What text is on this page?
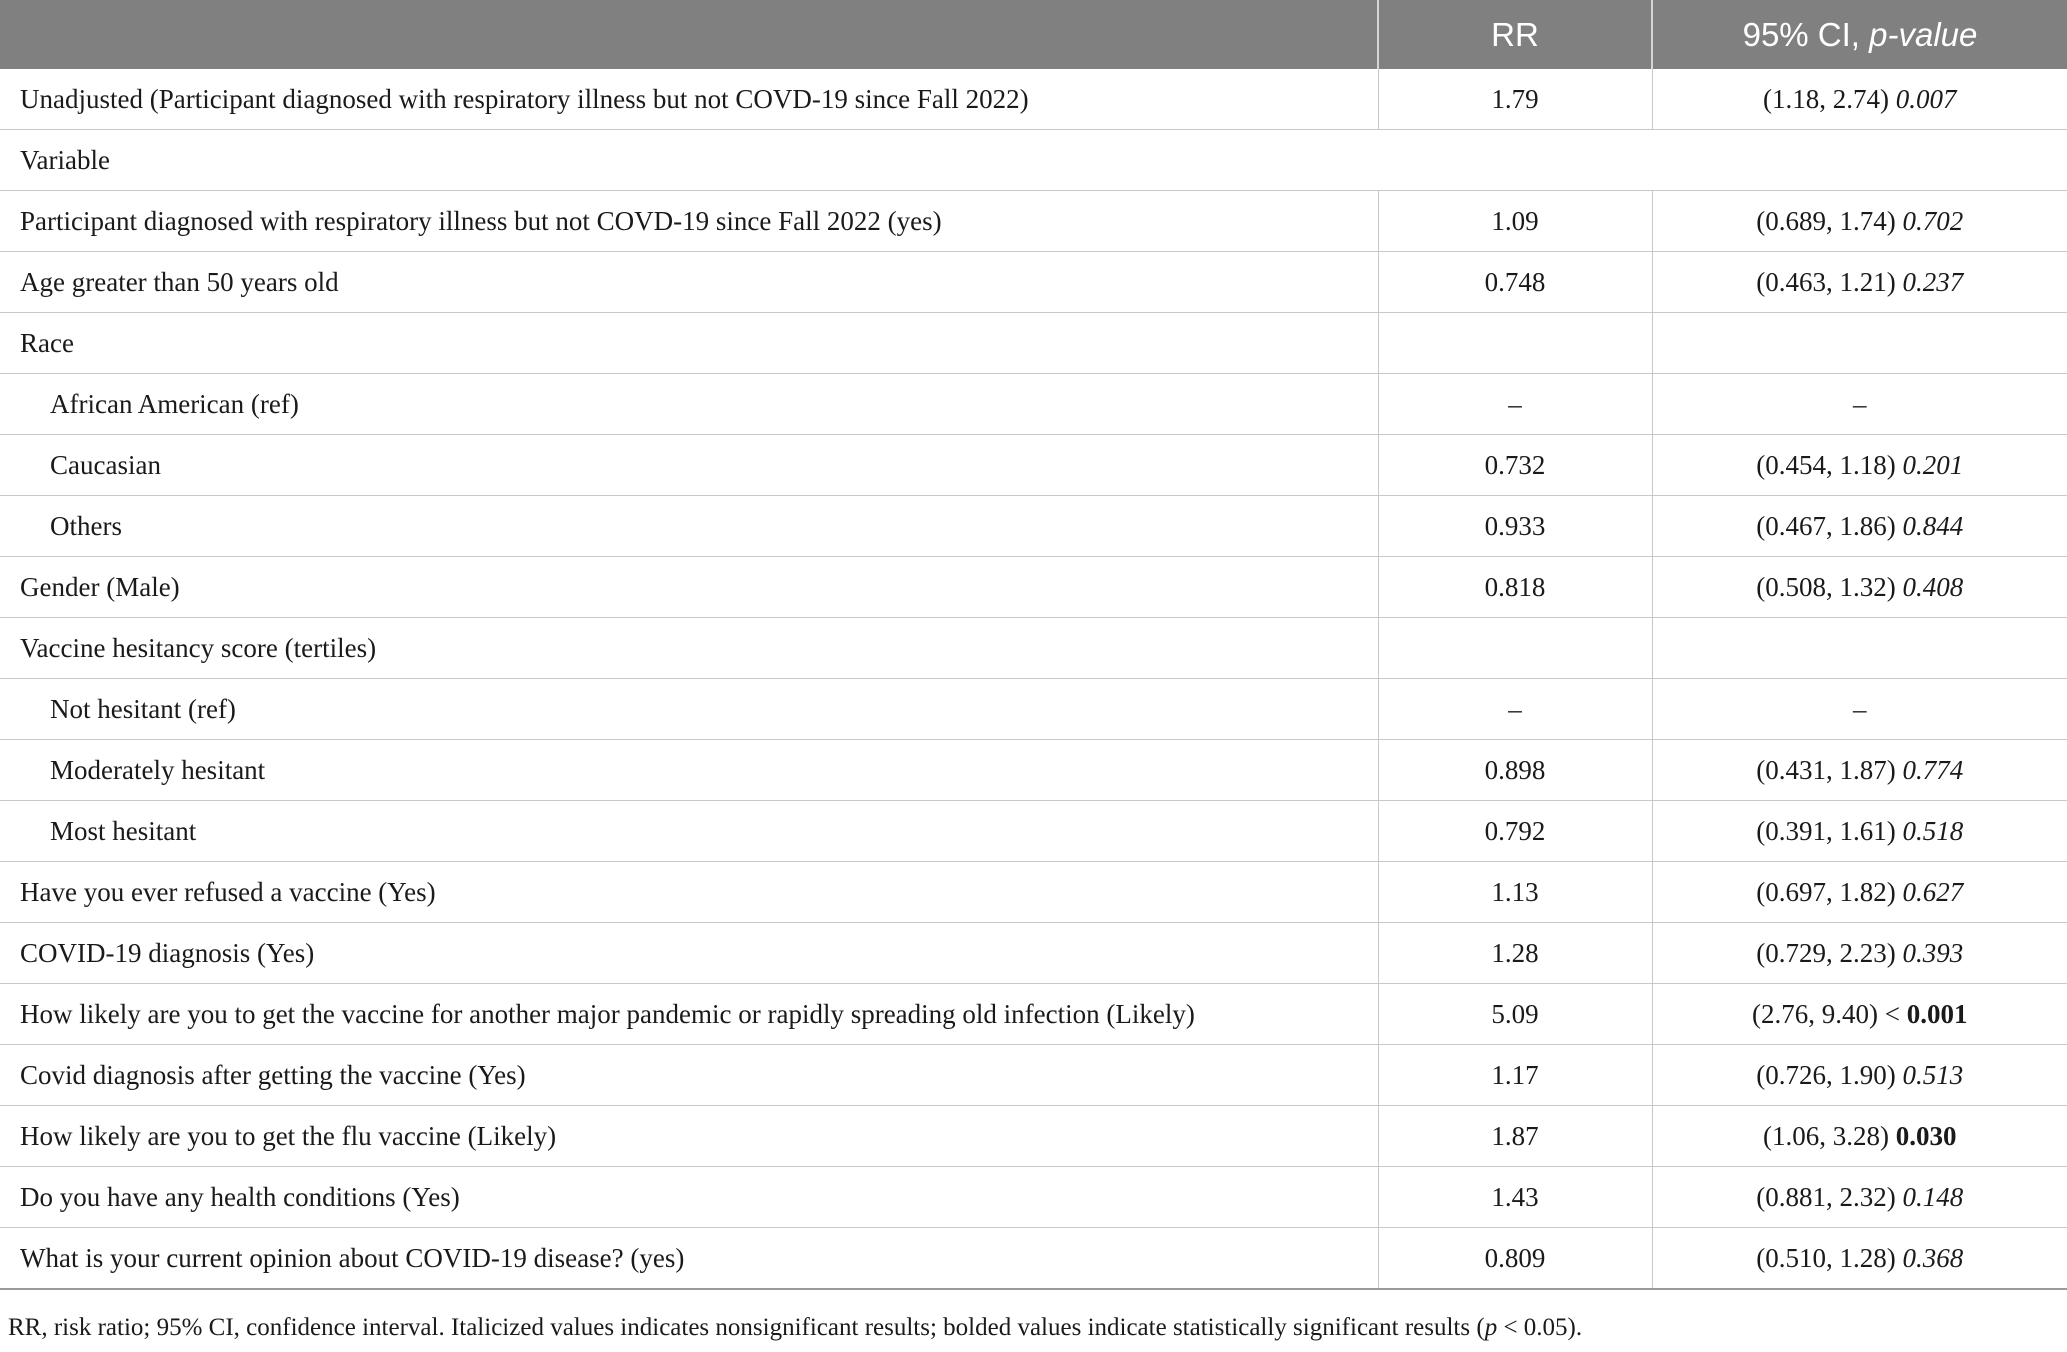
	RR	95% CI, p-value
Unadjusted (Participant diagnosed with respiratory illness but not COVD-19 since Fall 2022)	1.79	(1.18, 2.74) 0.007
Variable		
Participant diagnosed with respiratory illness but not COVD-19 since Fall 2022 (yes)	1.09	(0.689, 1.74) 0.702
Age greater than 50 years old	0.748	(0.463, 1.21) 0.237
Race		
African American (ref)	–	–
Caucasian	0.732	(0.454, 1.18) 0.201
Others	0.933	(0.467, 1.86) 0.844
Gender (Male)	0.818	(0.508, 1.32) 0.408
Vaccine hesitancy score (tertiles)		
Not hesitant (ref)	–	–
Moderately hesitant	0.898	(0.431, 1.87) 0.774
Most hesitant	0.792	(0.391, 1.61) 0.518
Have you ever refused a vaccine (Yes)	1.13	(0.697, 1.82) 0.627
COVID-19 diagnosis (Yes)	1.28	(0.729, 2.23) 0.393
How likely are you to get the vaccine for another major pandemic or rapidly spreading old infection (Likely)	5.09	(2.76, 9.40) < 0.001
Covid diagnosis after getting the vaccine (Yes)	1.17	(0.726, 1.90) 0.513
How likely are you to get the flu vaccine (Likely)	1.87	(1.06, 3.28) 0.030
Do you have any health conditions (Yes)	1.43	(0.881, 2.32) 0.148
What is your current opinion about COVID-19 disease? (yes)	0.809	(0.510, 1.28) 0.368
RR, risk ratio; 95% CI, confidence interval. Italicized values indicates nonsignificant results; bolded values indicate statistically significant results (p < 0.05).
